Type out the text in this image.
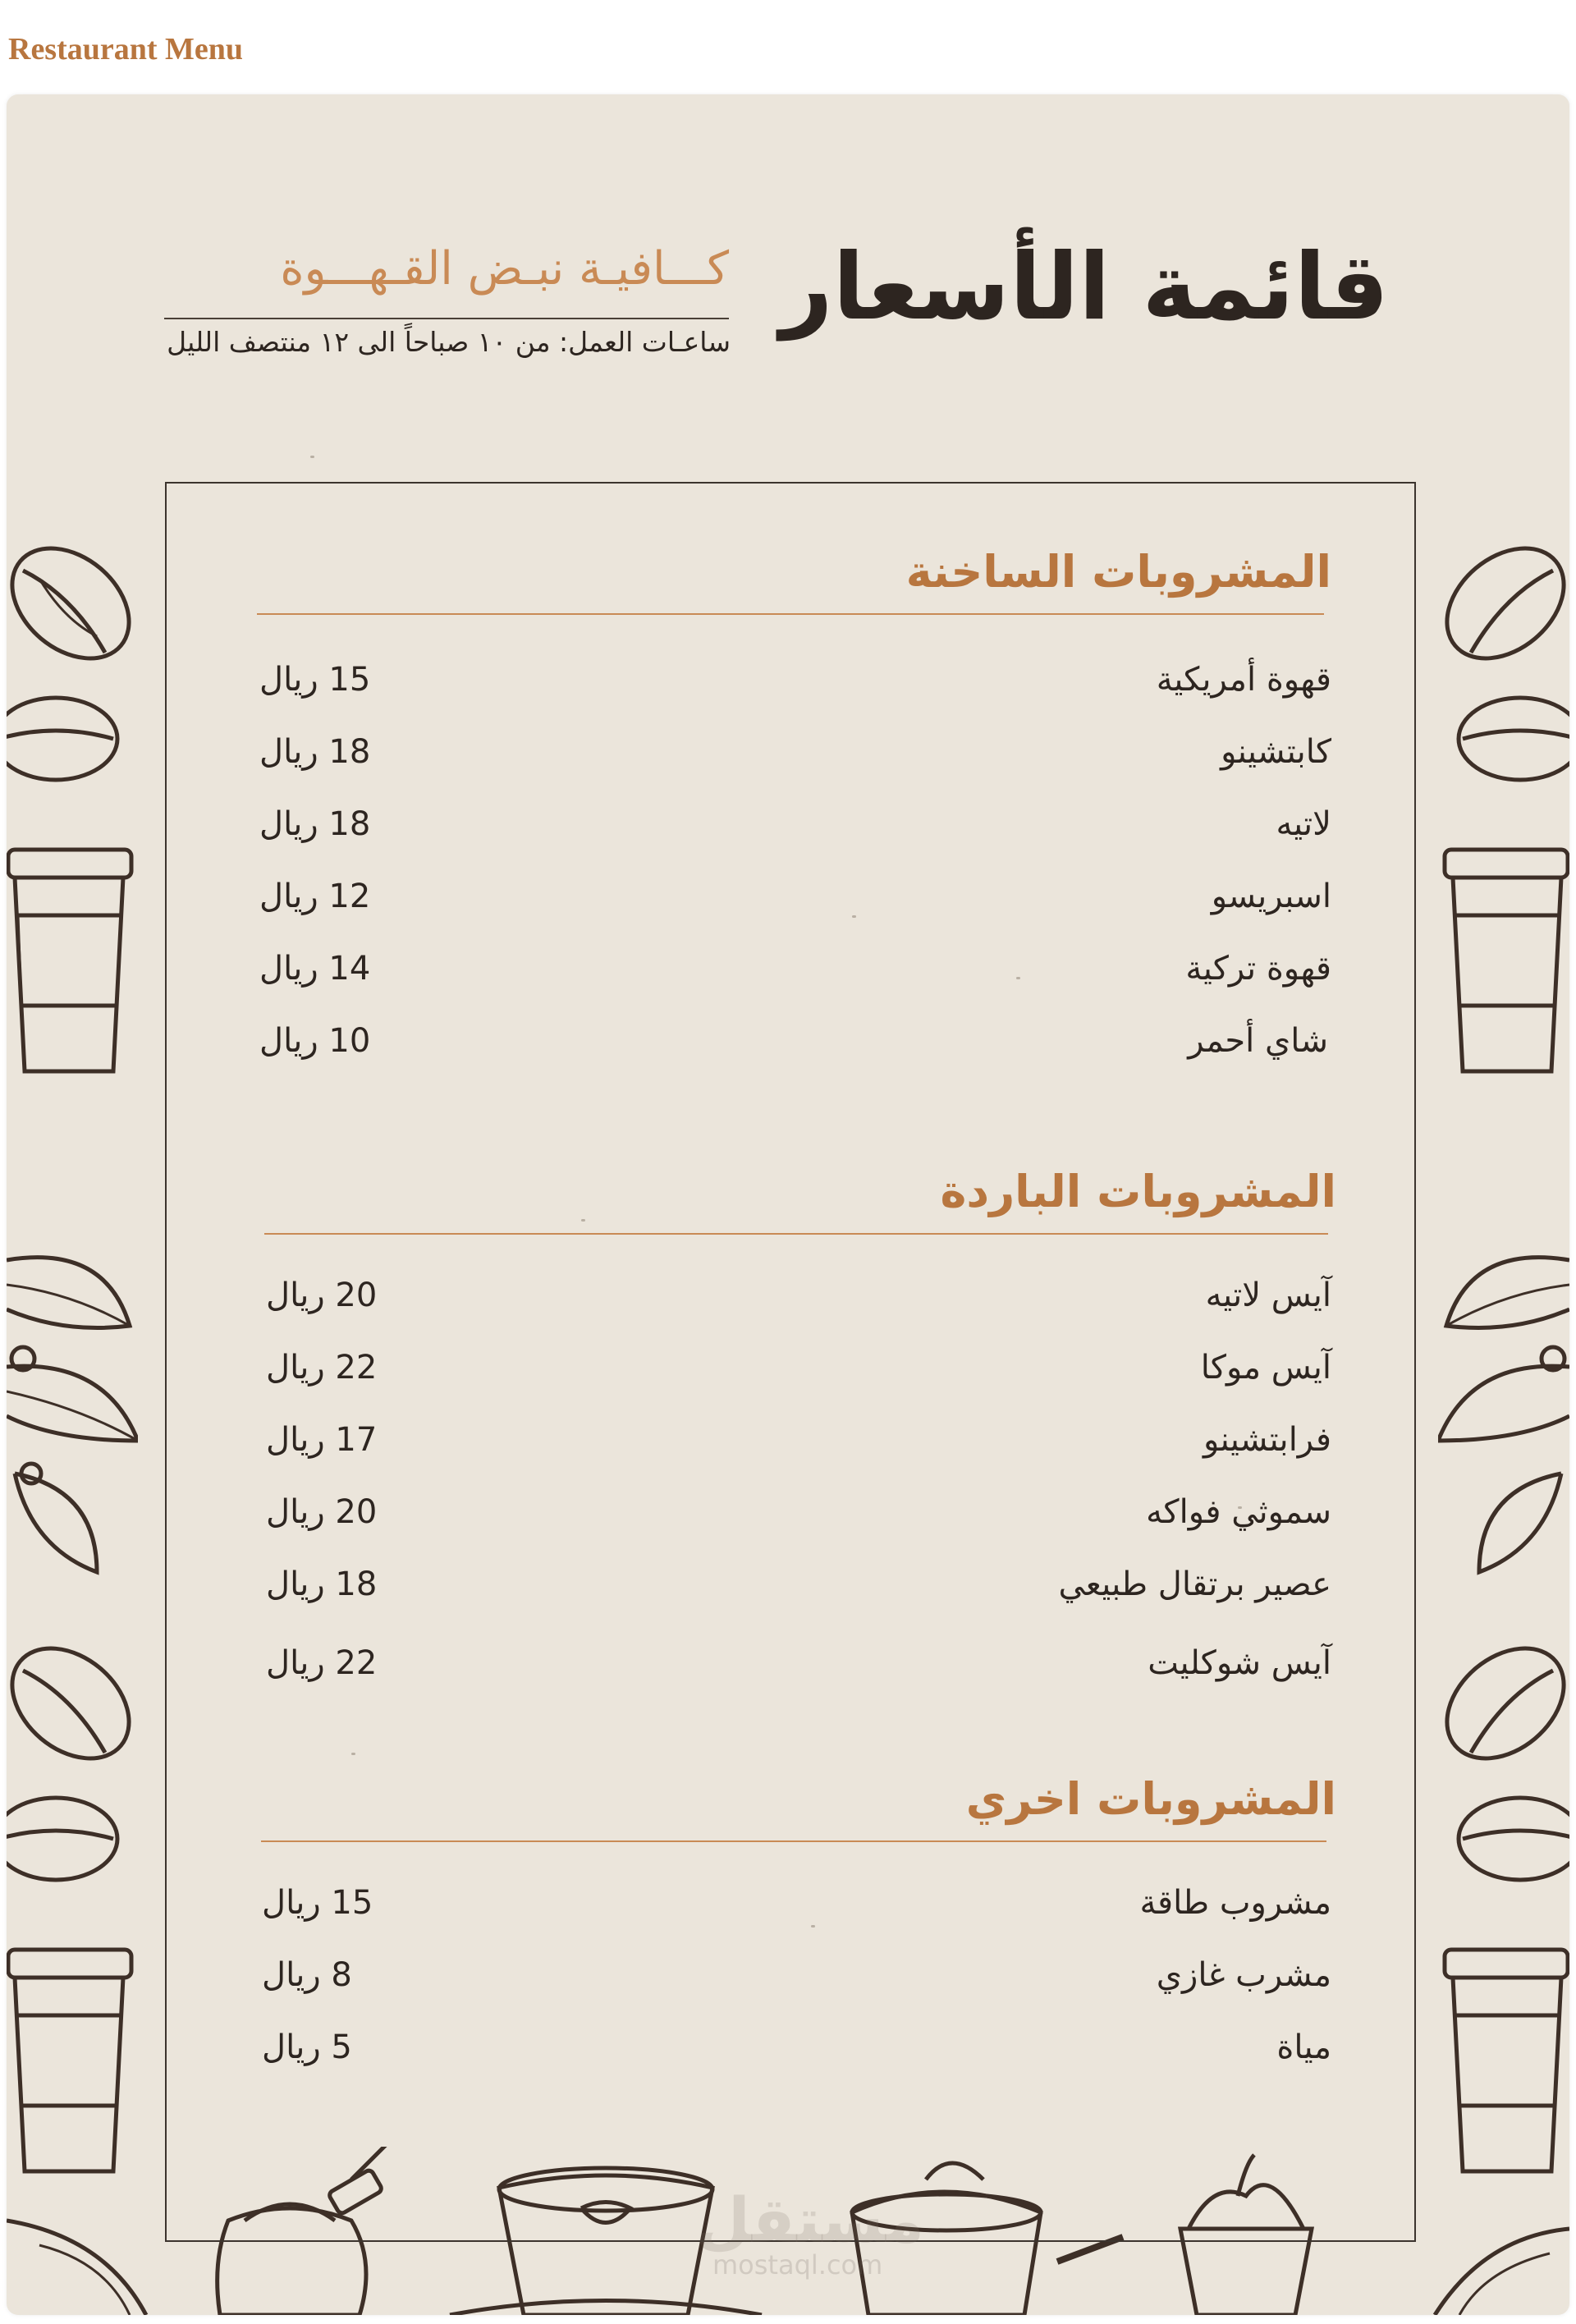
Restaurant Menu
قائمة الأسعار
كـــافيـة نبـض القـهـــوة
ساعـات العمل: من ١٠ صباحاً الى ١٢ منتصف الليل
المشروبات الساخنة
قهوة أمريكية
15 ريال
كابتشينو
18 ريال
لاتيه
18 ريال
اسبريسو
12 ريال
قهوة تركية
14 ريال
شاي أحمر
10 ريال
المشروبات الباردة
آيس لاتيه
20 ريال
آيس موكا
22 ريال
فرابتشينو
17 ريال
سموثي فواكه
20 ريال
عصير برتقال طبيعي
18 ريال
آيس شوكليت
22 ريال
المشروبات اخري
مشروب طاقة
15 ريال
مشرب غازي
8 ريال
مياة
5 ريال
مستقل
mostaql.com
